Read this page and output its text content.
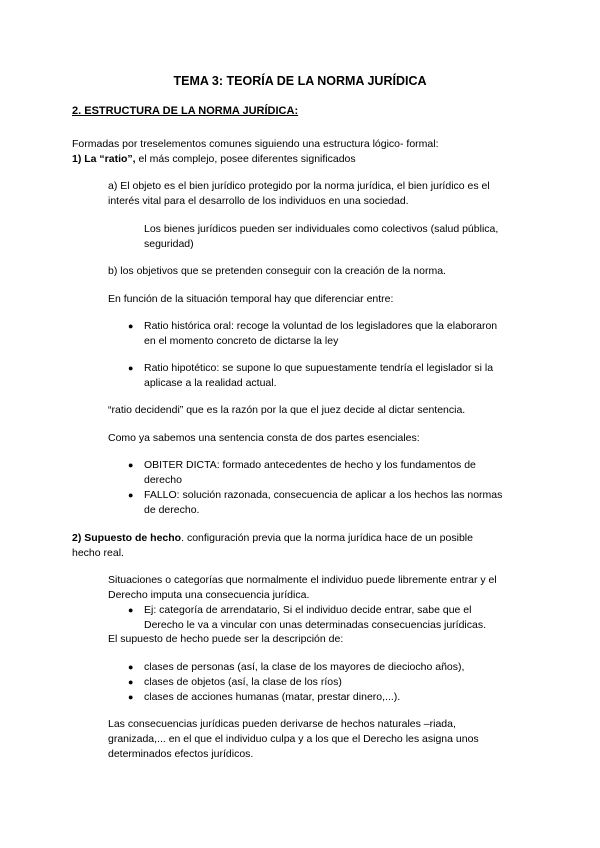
TEMA 3: TEORÍA DE LA NORMA JURÍDICA
2. ESTRUCTURA DE LA NORMA JURÍDICA:
Formadas por treselementos comunes siguiendo una estructura lógico- formal:
1) La “ratio”, el más complejo, posee diferentes significados
a) El objeto es el bien jurídico protegido por la norma jurídica, el bien jurídico es el
interés vital para el desarrollo de los individuos en una sociedad.
Los bienes jurídicos pueden ser individuales como colectivos (salud pública,
seguridad)
b) los objetivos que se pretenden conseguir con la creación de la norma.
En función de la situación temporal hay que diferenciar entre:
● Ratio histórica oral: recoge la voluntad de los legisladores que la elaboraron
en el momento concreto de dictarse la ley
● Ratio hipotético: se supone lo que supuestamente tendría el legislador si la
aplicase a la realidad actual.
“ratio decidendi” que es la razón por la que el juez decide al dictar sentencia.
Como ya sabemos una sentencia consta de dos partes esenciales:
● OBITER DICTA: formado antecedentes de hecho y los fundamentos de
derecho
● FALLO: solución razonada, consecuencia de aplicar a los hechos las normas
de derecho.
2) Supuesto de hecho. configuración previa que la norma jurídica hace de un posible
hecho real.
Situaciones o categorías que normalmente el individuo puede libremente entrar y el
Derecho imputa una consecuencia jurídica.
● Ej: categoría de arrendatario, Si el individuo decide entrar, sabe que el
Derecho le va a vincular con unas determinadas consecuencias jurídicas.
El supuesto de hecho puede ser la descripción de:
● clases de personas (así, la clase de los mayores de dieciocho años),
● clases de objetos (así, la clase de los ríos)
● clases de acciones humanas (matar, prestar dinero,...).
Las consecuencias jurídicas pueden derivarse de hechos naturales –riada,
granizada,... en el que el individuo culpa y a los que el Derecho les asigna unos
determinados efectos jurídicos.
